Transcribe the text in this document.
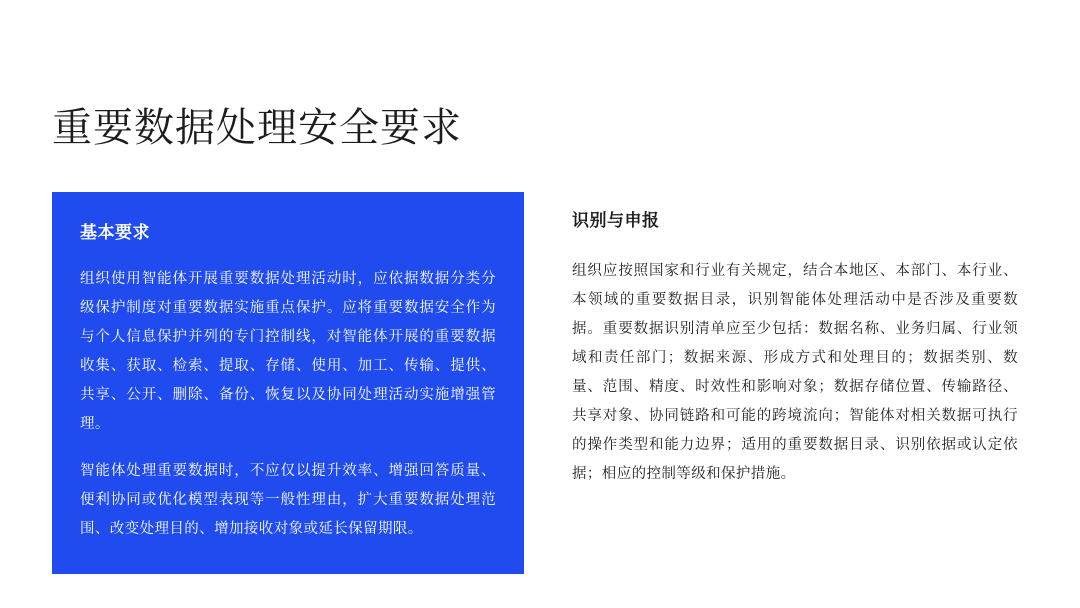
重要数据处理安全要求
基本要求

组织使用智能体开展重要数据处理活动时，应依据数据分类分级保护制度对重要数据实施重点保护。应将重要数据安全作为与个人信息保护并列的专门控制线，对智能体开展的重要数据收集、获取、检索、提取、存储、使用、加工、传输、提供、共享、公开、删除、备份、恢复以及协同处理活动实施增强管理。

智能体处理重要数据时，不应仅以提升效率、增强回答质量、便利协同或优化模型表现等一般性理由，扩大重要数据处理范围、改变处理目的、增加接收对象或延长保留期限。

识别与申报

组织应按照国家和行业有关规定，结合本地区、本部门、本行业、本领域的重要数据目录，识别智能体处理活动中是否涉及重要数据。重要数据识别清单应至少包括：数据名称、业务归属、行业领域和责任部门；数据来源、形成方式和处理目的；数据类别、数量、范围、精度、时效性和影响对象；数据存储位置、传输路径、共享对象、协同链路和可能的跨境流向；智能体对相关数据可执行的操作类型和能力边界；适用的重要数据目录、识别依据或认定依据；相应的控制等级和保护措施。
